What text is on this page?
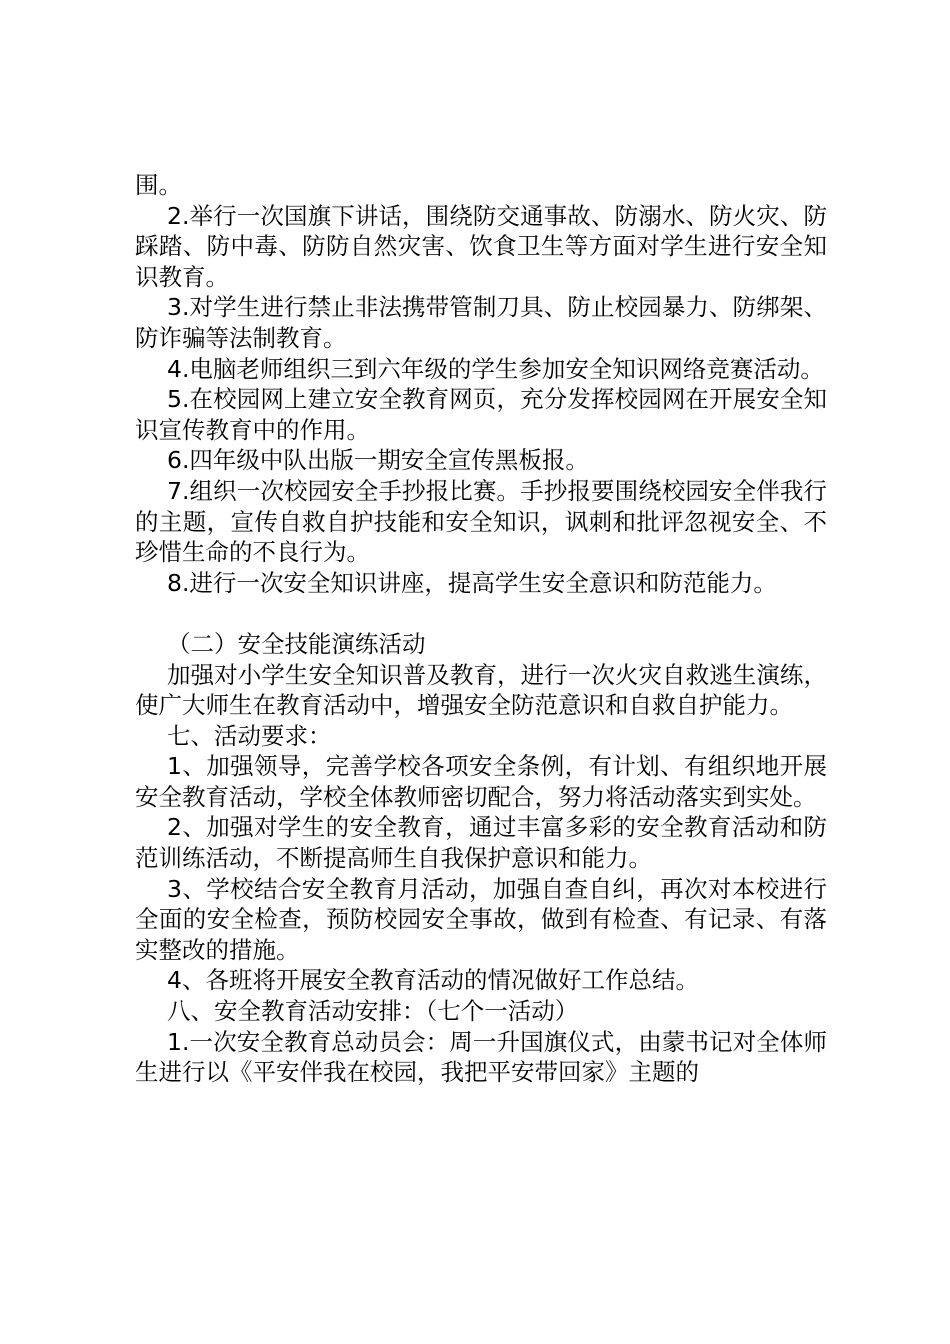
围。

2.举行一次国旗下讲话，围绕防交通事故、防溺水、防火灾、防踩踏、防中毒、防防自然灾害、饮食卫生等方面对学生进行安全知识教育。

3.对学生进行禁止非法携带管制刀具、防止校园暴力、防绑架、防诈骗等法制教育。

4.电脑老师组织三到六年级的学生参加安全知识网络竞赛活动。

5.在校园网上建立安全教育网页，充分发挥校园网在开展安全知识宣传教育中的作用。

6.四年级中队出版一期安全宣传黑板报。

7.组织一次校园安全手抄报比赛。手抄报要围绕校园安全伴我行的主题，宣传自救自护技能和安全知识，讽刺和批评忽视安全、不珍惜生命的不良行为。

8.进行一次安全知识讲座，提高学生安全意识和防范能力。

（二）安全技能演练活动

加强对小学生安全知识普及教育，进行一次火灾自救逃生演练，使广大师生在教育活动中，增强安全防范意识和自救自护能力。

七、活动要求：

1、加强领导，完善学校各项安全条例，有计划、有组织地开展安全教育活动，学校全体教师密切配合，努力将活动落实到实处。

2、加强对学生的安全教育，通过丰富多彩的安全教育活动和防范训练活动，不断提高师生自我保护意识和能力。

3、学校结合安全教育月活动，加强自查自纠，再次对本校进行全面的安全检查，预防校园安全事故，做到有检查、有记录、有落实整改的措施。

4、各班将开展安全教育活动的情况做好工作总结。

八、安全教育活动安排：（七个一活动）

1.一次安全教育总动员会：周一升国旗仪式，由蒙书记对全体师生进行以《平安伴我在校园，我把平安带回家》主题的
